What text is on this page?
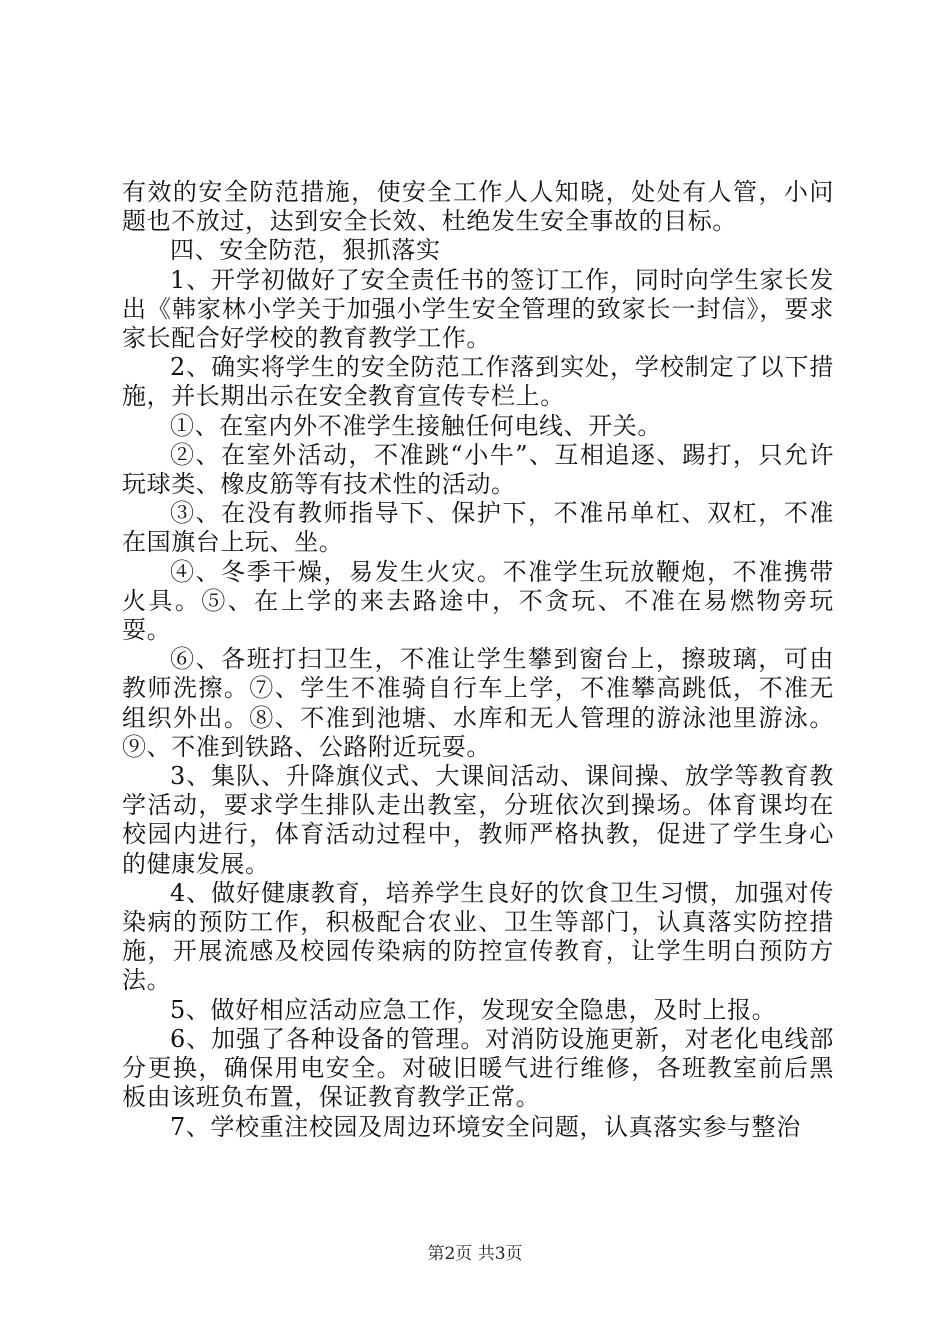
有效的安全防范措施，使安全工作人人知晓，处处有人管，小问题也不放过，达到安全长效、杜绝发生安全事故的目标。

四、安全防范，狠抓落实

1、开学初做好了安全责任书的签订工作，同时向学生家长发出《韩家林小学关于加强小学生安全管理的致家长一封信》，要求家长配合好学校的教育教学工作。

2、确实将学生的安全防范工作落到实处，学校制定了以下措施，并长期出示在安全教育宣传专栏上。

①、在室内外不准学生接触任何电线、开关。

②、在室外活动，不准跳“小牛”、互相追逐、踢打，只允许玩球类、橡皮筋等有技术性的活动。

③、在没有教师指导下、保护下，不准吊单杠、双杠，不准在国旗台上玩、坐。

④、冬季干燥，易发生火灾。不准学生玩放鞭炮，不准携带火具。⑤、在上学的来去路途中，不贪玩、不准在易燃物旁玩耍。

⑥、各班打扫卫生，不准让学生攀到窗台上，擦玻璃，可由教师洗擦。⑦、学生不准骑自行车上学，不准攀高跳低，不准无组织外出。⑧、不准到池塘、水库和无人管理的游泳池里游泳。⑨、不准到铁路、公路附近玩耍。

3、集队、升降旗仪式、大课间活动、课间操、放学等教育教学活动，要求学生排队走出教室，分班依次到操场。体育课均在校园内进行，体育活动过程中，教师严格执教，促进了学生身心的健康发展。

4、做好健康教育，培养学生良好的饮食卫生习惯，加强对传染病的预防工作，积极配合农业、卫生等部门，认真落实防控措施，开展流感及校园传染病的防控宣传教育，让学生明白预防方法。

5、做好相应活动应急工作，发现安全隐患，及时上报。

6、加强了各种设备的管理。对消防设施更新，对老化电线部分更换，确保用电安全。对破旧暖气进行维修，各班教室前后黑板由该班负布置，保证教育教学正常。

7、学校重注校园及周边环境安全问题，认真落实参与整治

第2页 共3页
